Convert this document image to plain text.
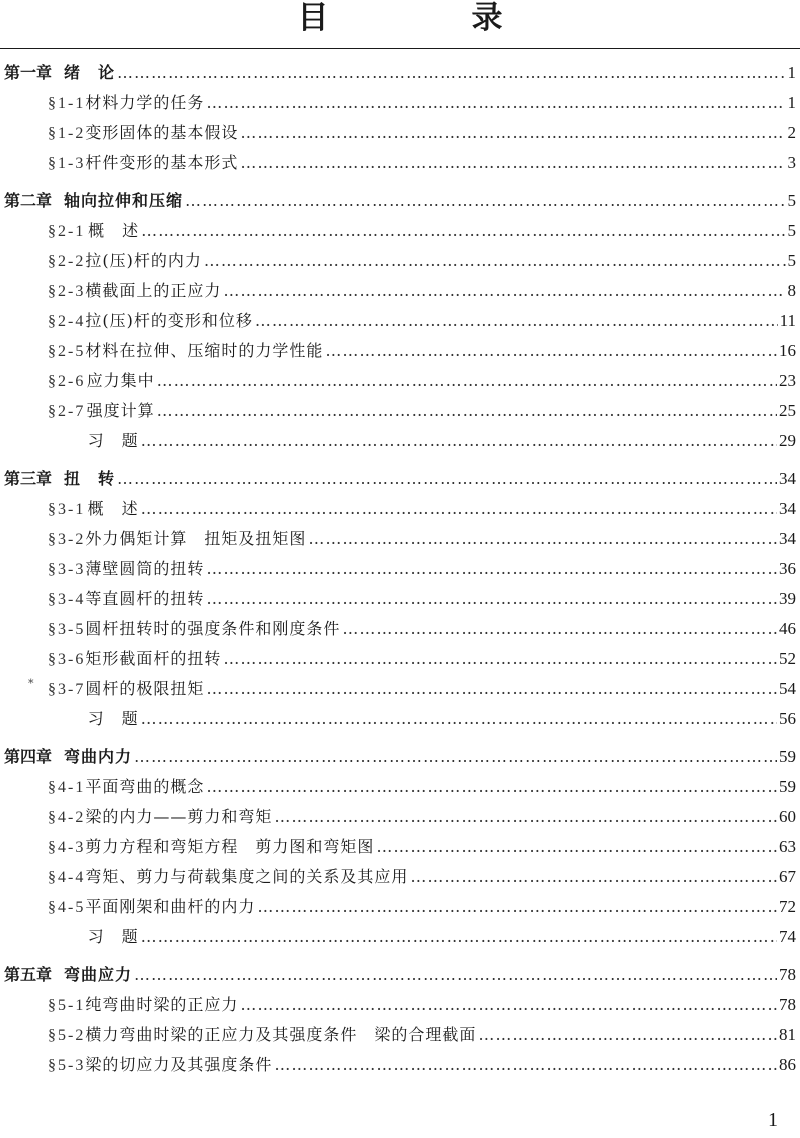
目　录
第一章 绪　论 ……………………………………………………………………………………………………………………………………………………………………………………	1
§1-1 材料力学的任务 ……………………………………………………………………………………………………………………………………………………………………………………	1
§1-2 变形固体的基本假设 ……………………………………………………………………………………………………………………………………………………………………………………	2
§1-3 杆件变形的基本形式 ……………………………………………………………………………………………………………………………………………………………………………………	3
第二章 轴向拉伸和压缩 ……………………………………………………………………………………………………………………………………………………………………………………	5
§2-1 概　述 ……………………………………………………………………………………………………………………………………………………………………………………	5
§2-2 拉(压)杆的内力 ……………………………………………………………………………………………………………………………………………………………………………………	5
§2-3 横截面上的正应力 ……………………………………………………………………………………………………………………………………………………………………………………	8
§2-4 拉(压)杆的变形和位移 ……………………………………………………………………………………………………………………………………………………………………………………	11
§2-5 材料在拉伸、压缩时的力学性能 ……………………………………………………………………………………………………………………………………………………………………………………	16
§2-6 应力集中 ……………………………………………………………………………………………………………………………………………………………………………………	23
§2-7 强度计算 ……………………………………………………………………………………………………………………………………………………………………………………	25
习　题 ……………………………………………………………………………………………………………………………………………………………………………………	29
第三章 扭　转 ……………………………………………………………………………………………………………………………………………………………………………………	34
§3-1 概　述 ……………………………………………………………………………………………………………………………………………………………………………………	34
§3-2 外力偶矩计算　扭矩及扭矩图 ……………………………………………………………………………………………………………………………………………………………………………………	34
§3-3 薄壁圆筒的扭转 ……………………………………………………………………………………………………………………………………………………………………………………	36
§3-4 等直圆杆的扭转 ……………………………………………………………………………………………………………………………………………………………………………………	39
§3-5 圆杆扭转时的强度条件和刚度条件 ……………………………………………………………………………………………………………………………………………………………………………………	46
§3-6 矩形截面杆的扭转 ……………………………………………………………………………………………………………………………………………………………………………………	52
* §3-7 圆杆的极限扭矩 ……………………………………………………………………………………………………………………………………………………………………………………	54
习　题 ……………………………………………………………………………………………………………………………………………………………………………………	56
第四章 弯曲内力 ……………………………………………………………………………………………………………………………………………………………………………………	59
§4-1 平面弯曲的概念 ……………………………………………………………………………………………………………………………………………………………………………………	59
§4-2 梁的内力——剪力和弯矩 ……………………………………………………………………………………………………………………………………………………………………………………	60
§4-3 剪力方程和弯矩方程　剪力图和弯矩图 ……………………………………………………………………………………………………………………………………………………………………………………	63
§4-4 弯矩、剪力与荷载集度之间的关系及其应用 ……………………………………………………………………………………………………………………………………………………………………………………	67
§4-5 平面刚架和曲杆的内力 ……………………………………………………………………………………………………………………………………………………………………………………	72
习　题 ……………………………………………………………………………………………………………………………………………………………………………………	74
第五章 弯曲应力 ……………………………………………………………………………………………………………………………………………………………………………………	78
§5-1 纯弯曲时梁的正应力 ……………………………………………………………………………………………………………………………………………………………………………………	78
§5-2 横力弯曲时梁的正应力及其强度条件　梁的合理截面 ……………………………………………………………………………………………………………………………………………………………………………………	81
§5-3 梁的切应力及其强度条件 ……………………………………………………………………………………………………………………………………………………………………………………	86
1
